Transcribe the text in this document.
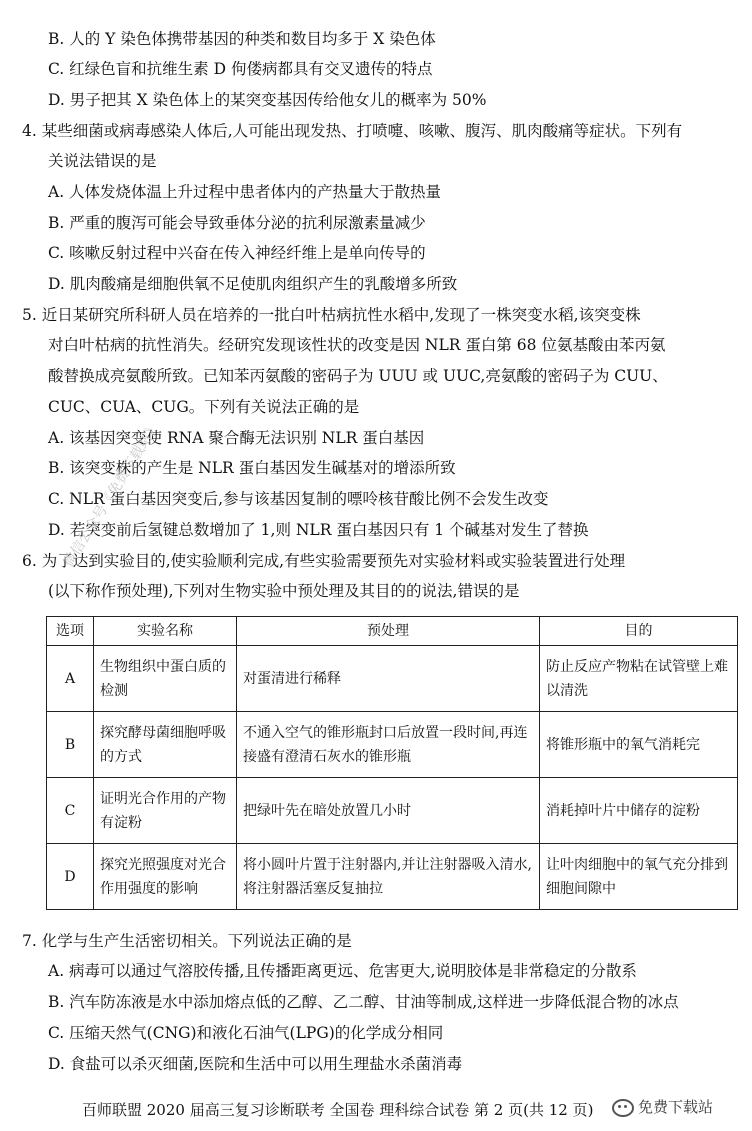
B. 人的 Y 染色体携带基因的种类和数目均多于 X 染色体
C. 红绿色盲和抗维生素 D 佝偻病都具有交叉遗传的特点
D. 男子把其 X 染色体上的某突变基因传给他女儿的概率为 50%
4. 某些细菌或病毒感染人体后,人可能出现发热、打喷嚏、咳嗽、腹泻、肌肉酸痛等症状。下列有
关说法错误的是
A. 人体发烧体温上升过程中患者体内的产热量大于散热量
B. 严重的腹泻可能会导致垂体分泌的抗利尿激素量减少
C. 咳嗽反射过程中兴奋在传入神经纤维上是单向传导的
D. 肌肉酸痛是细胞供氧不足使肌肉组织产生的乳酸增多所致
5. 近日某研究所科研人员在培养的一批白叶枯病抗性水稻中,发现了一株突变水稻,该突变株
对白叶枯病的抗性消失。经研究发现该性状的改变是因 NLR 蛋白第 68 位氨基酸由苯丙氨
酸替换成亮氨酸所致。已知苯丙氨酸的密码子为 UUU 或 UUC,亮氨酸的密码子为 CUU、
CUC、CUA、CUG。下列有关说法正确的是
A. 该基因突变使 RNA 聚合酶无法识别 NLR 蛋白基因
B. 该突变株的产生是 NLR 蛋白基因发生碱基对的增添所致
C. NLR 蛋白基因突变后,参与该基因复制的嘌呤核苷酸比例不会发生改变
D. 若突变前后氢键总数增加了 1,则 NLR 蛋白基因只有 1 个碱基对发生了替换
6. 为了达到实验目的,使实验顺利完成,有些实验需要预先对实验材料或实验装置进行处理
(以下称作预处理),下列对生物实验中预处理及其目的的说法,错误的是
选项	实验名称	预处理	目的
A	生物组织中蛋白质的检测	对蛋清进行稀释	防止反应产物粘在试管壁上难以清洗
B	探究酵母菌细胞呼吸的方式	不通入空气的锥形瓶封口后放置一段时间,再连接盛有澄清石灰水的锥形瓶	将锥形瓶中的氧气消耗完
C	证明光合作用的产物有淀粉	把绿叶先在暗处放置几小时	消耗掉叶片中储存的淀粉
D	探究光照强度对光合作用强度的影响	将小圆叶片置于注射器内,并让注射器吸入清水,将注射器活塞反复抽拉	让叶肉细胞中的氧气充分排到细胞间隙中
微信公众号《免费下载站》
7. 化学与生产生活密切相关。下列说法正确的是
A. 病毒可以通过气溶胶传播,且传播距离更远、危害更大,说明胶体是非常稳定的分散系
B. 汽车防冻液是水中添加熔点低的乙醇、乙二醇、甘油等制成,这样进一步降低混合物的冰点
C. 压缩天然气(CNG)和液化石油气(LPG)的化学成分相同
D. 食盐可以杀灭细菌,医院和生活中可以用生理盐水杀菌消毒
百师联盟 2020 届高三复习诊断联考 全国卷 理科综合试卷 第 2 页(共 12 页)	免费下载站
